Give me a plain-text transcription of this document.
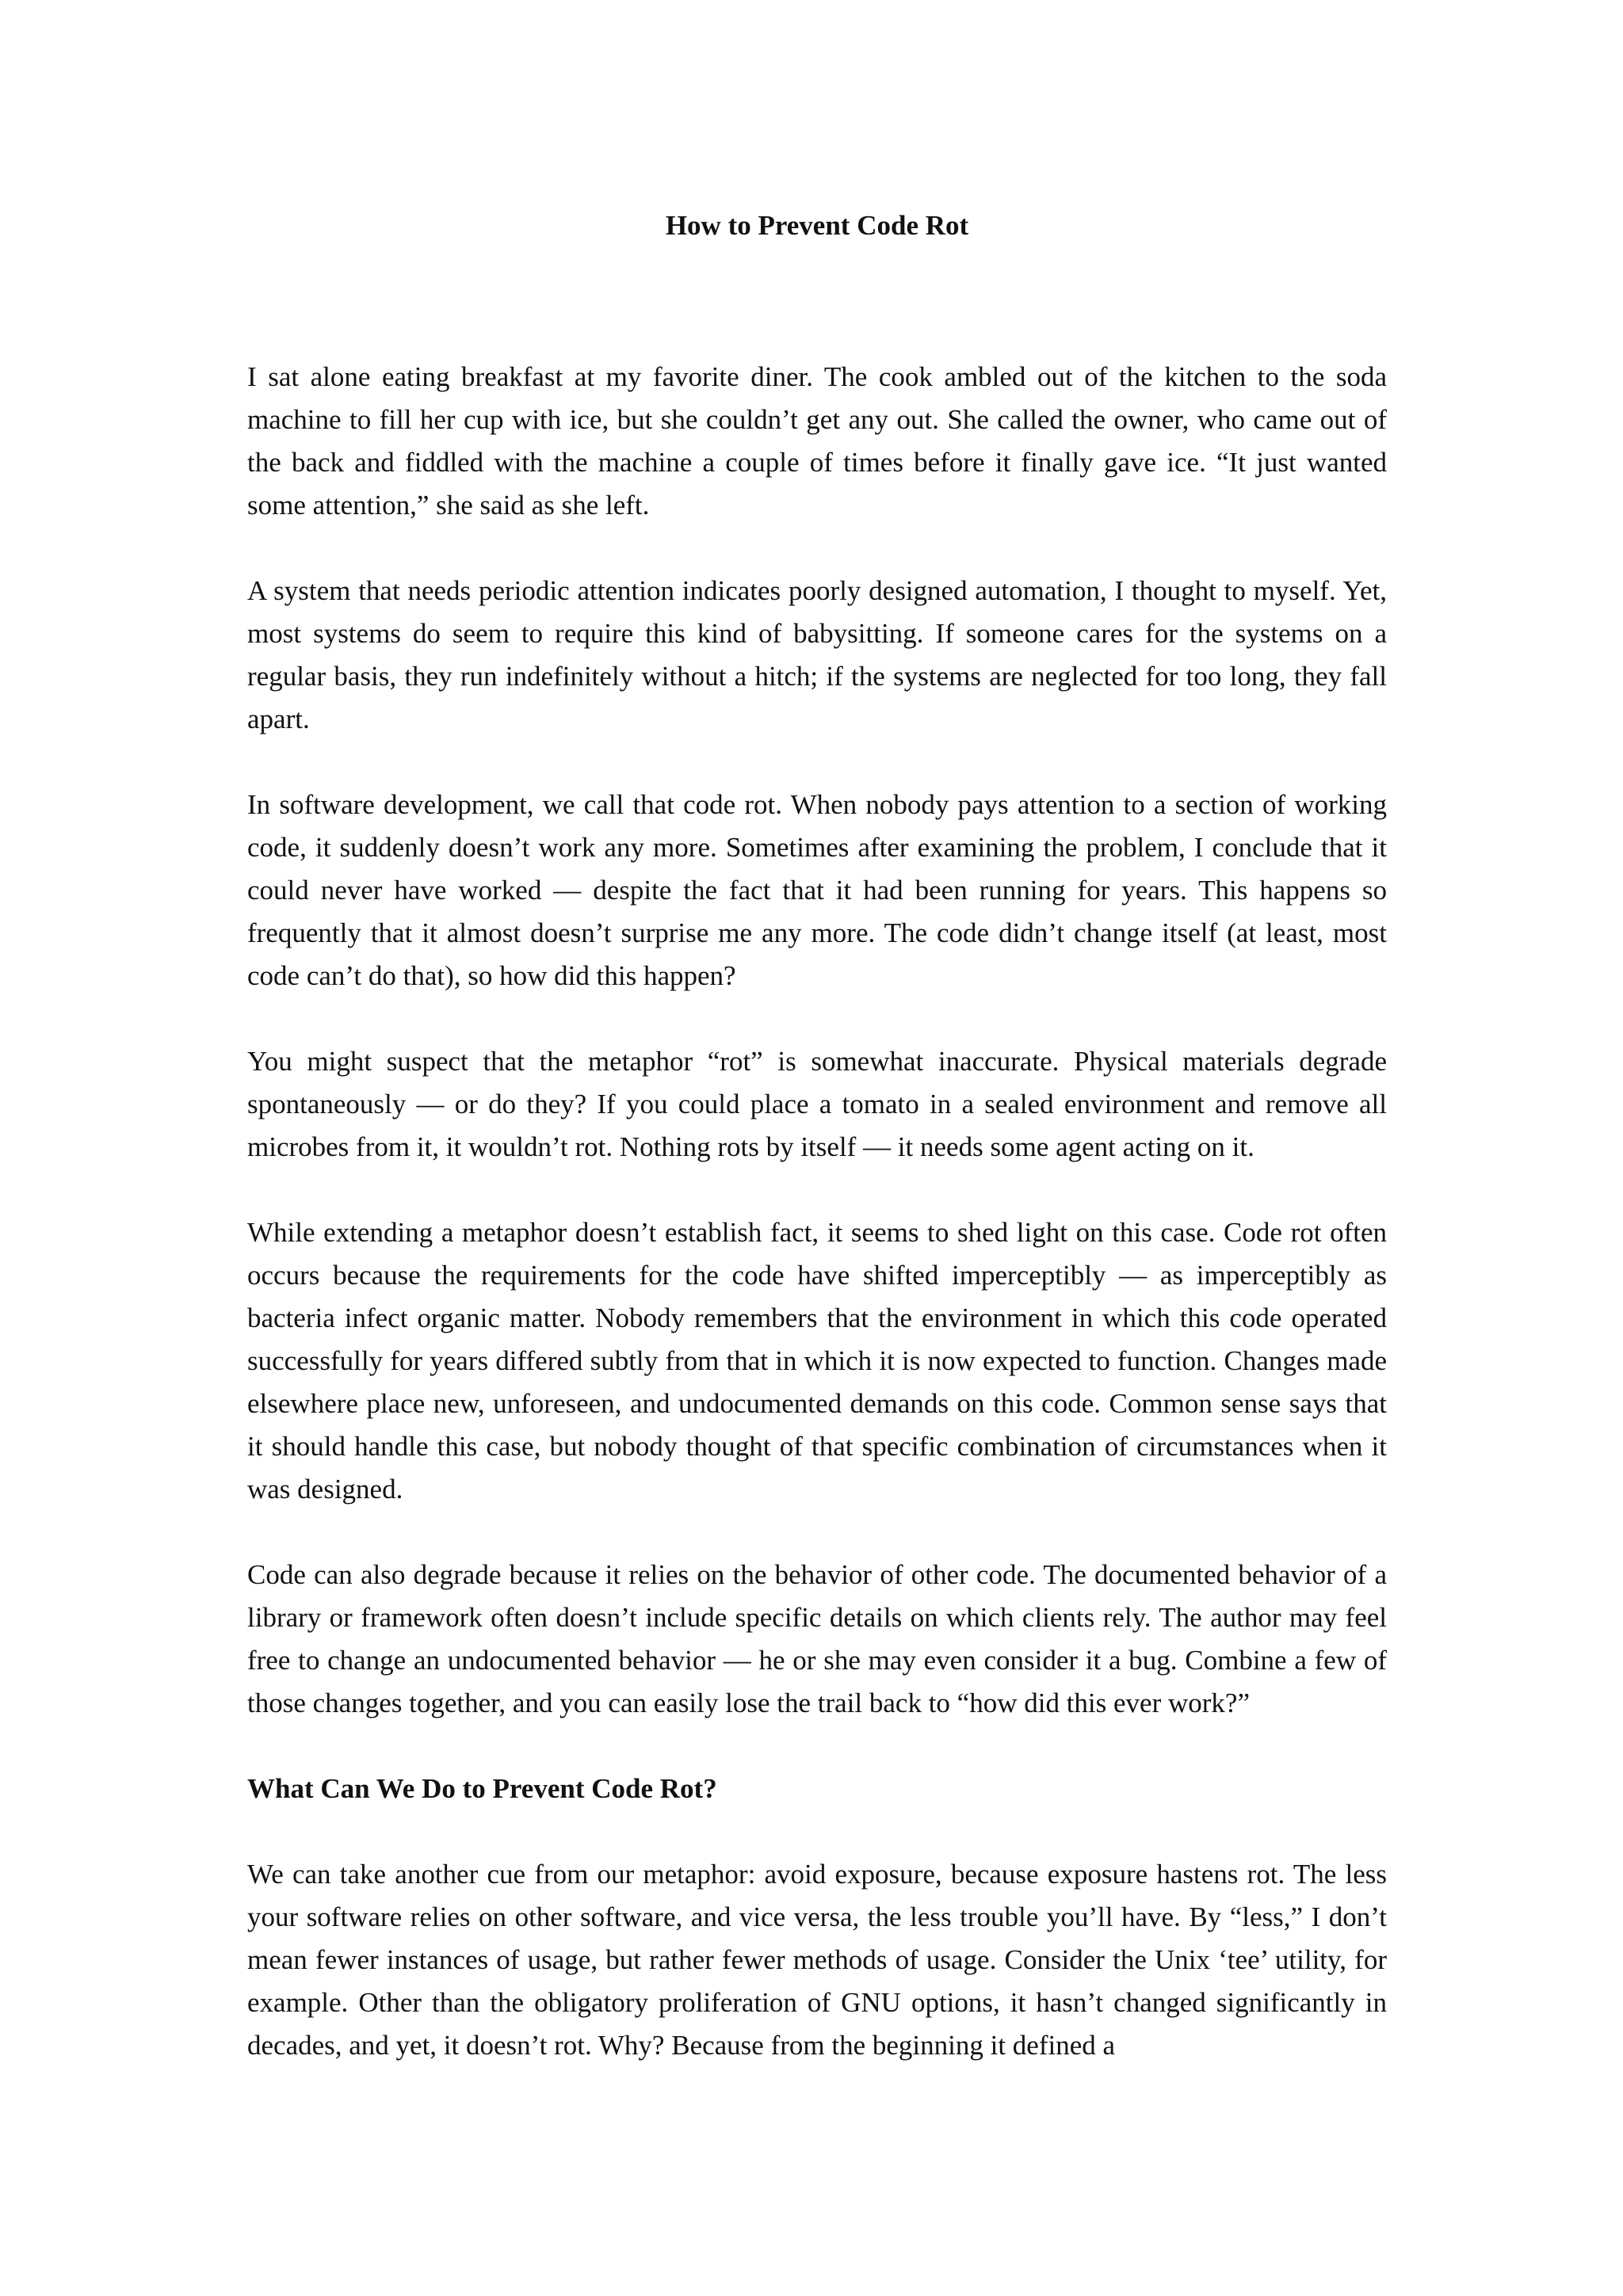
How to Prevent Code Rot

I sat alone eating breakfast at my favorite diner. The cook ambled out of the kitchen to the soda machine to fill her cup with ice, but she couldn’t get any out. She called the owner, who came out of the back and fiddled with the machine a couple of times before it finally gave ice. “It just wanted some attention,” she said as she left.

A system that needs periodic attention indicates poorly designed automation, I thought to myself. Yet, most systems do seem to require this kind of babysitting. If someone cares for the systems on a regular basis, they run indefinitely without a hitch; if the systems are neglected for too long, they fall apart.

In software development, we call that code rot. When nobody pays attention to a section of working code, it suddenly doesn’t work any more. Sometimes after examining the problem, I conclude that it could never have worked — despite the fact that it had been running for years. This happens so frequently that it almost doesn’t surprise me any more. The code didn’t change itself (at least, most code can’t do that), so how did this happen?

You might suspect that the metaphor “rot” is somewhat inaccurate. Physical materials degrade spontaneously — or do they? If you could place a tomato in a sealed environment and remove all microbes from it, it wouldn’t rot. Nothing rots by itself — it needs some agent acting on it.

While extending a metaphor doesn’t establish fact, it seems to shed light on this case. Code rot often occurs because the requirements for the code have shifted imperceptibly — as imperceptibly as bacteria infect organic matter. Nobody remembers that the environment in which this code operated successfully for years differed subtly from that in which it is now expected to function. Changes made elsewhere place new, unforeseen, and undocumented demands on this code. Common sense says that it should handle this case, but nobody thought of that specific combination of circumstances when it was designed.

Code can also degrade because it relies on the behavior of other code. The documented behavior of a library or framework often doesn’t include specific details on which clients rely. The author may feel free to change an undocumented behavior — he or she may even consider it a bug. Combine a few of those changes together, and you can easily lose the trail back to “how did this ever work?”

What Can We Do to Prevent Code Rot?

We can take another cue from our metaphor: avoid exposure, because exposure hastens rot. The less your software relies on other software, and vice versa, the less trouble you’ll have. By “less,” I don’t mean fewer instances of usage, but rather fewer methods of usage. Consider the Unix ‘tee’ utility, for example. Other than the obligatory proliferation of GNU options, it hasn’t changed significantly in decades, and yet, it doesn’t rot. Why? Because from the beginning it defined a
